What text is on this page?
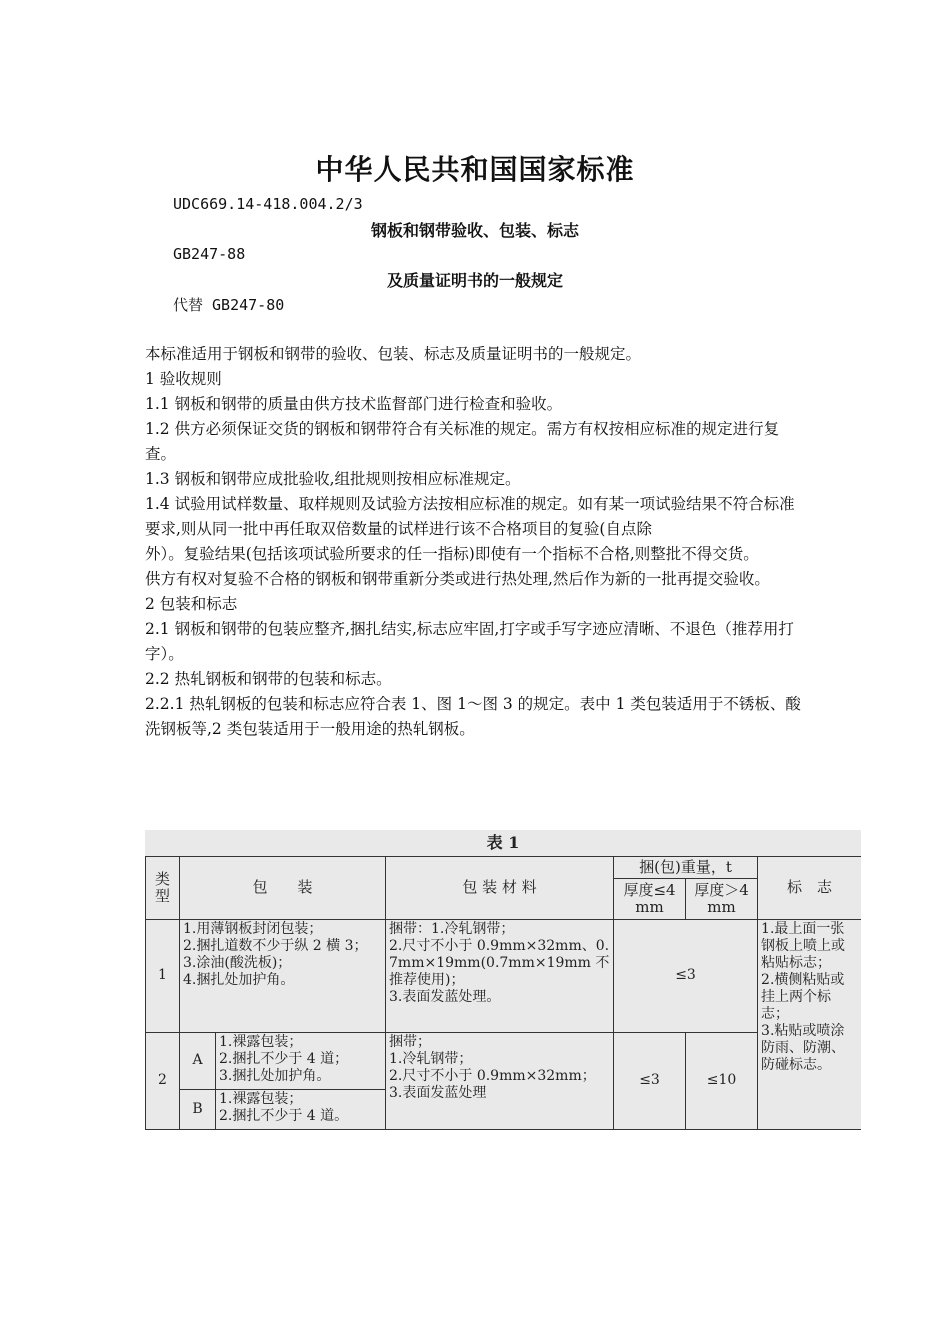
中华人民共和国国家标准
UDC669.14-418.004.2/3
钢板和钢带验收、包装、标志
GB247-88
及质量证明书的一般规定
代替 GB247-80

本标准适用于钢板和钢带的验收、包装、标志及质量证明书的一般规定。

1 验收规则

1.1 钢板和钢带的质量由供方技术监督部门进行检查和验收。

1.2 供方必须保证交货的钢板和钢带符合有关标准的规定。需方有权按相应标准的规定进行复查。

1.3 钢板和钢带应成批验收,组批规则按相应标准规定。

1.4 试验用试样数量、取样规则及试验方法按相应标准的规定。如有某一项试验结果不符合标准要求,则从同一批中再任取双倍数量的试样进行该不合格项目的复验(自点除

外）。复验结果(包括该项试验所要求的任一指标)即使有一个指标不合格,则整批不得交货。

供方有权对复验不合格的钢板和钢带重新分类或进行热处理,然后作为新的一批再提交验收。

2 包装和标志

2.1 钢板和钢带的包装应整齐,捆扎结实,标志应牢固,打字或手写字迹应清晰、不退色（推荐用打字）。

2.2 热轧钢板和钢带的包装和标志。

2.2.1 热轧钢板的包装和标志应符合表 1、图 1～图 3 的规定。表中 1 类包装适用于不锈板、酸洗钢板等,2 类包装适用于一般用途的热轧钢板。

表 1
类型	包　　装		包 装 材 料	捆(包)重量，t		标　志
				厚度≤4mm	厚度＞4mm	
1	1.用薄钢板封闭包装；
2.捆扎道数不少于纵 2 横 3；
3.涂油(酸洗板)；
4.捆扎处加护角。		捆带：1.冷轧钢带；
2.尺寸不小于 0.9mm×32mm、0.7mm×19mm(0.7mm×19mm 不推荐使用)；
3.表面发蓝处理。	≤3		1.最上面一张钢板上喷上或粘贴标志；
2.横侧粘贴或挂上两个标志；
3.粘贴或喷涂防雨、防潮、防碰标志。

2	A	1.裸露包装；
2.捆扎不少于 4 道；
3.捆扎处加护角。	捆带；
1.冷轧钢带；
2.尺寸不小于 0.9mm×32mm；
3.表面发蓝处理	≤3	≤10	
	B	1.裸露包装；
2.捆扎不少于 4 道。				
